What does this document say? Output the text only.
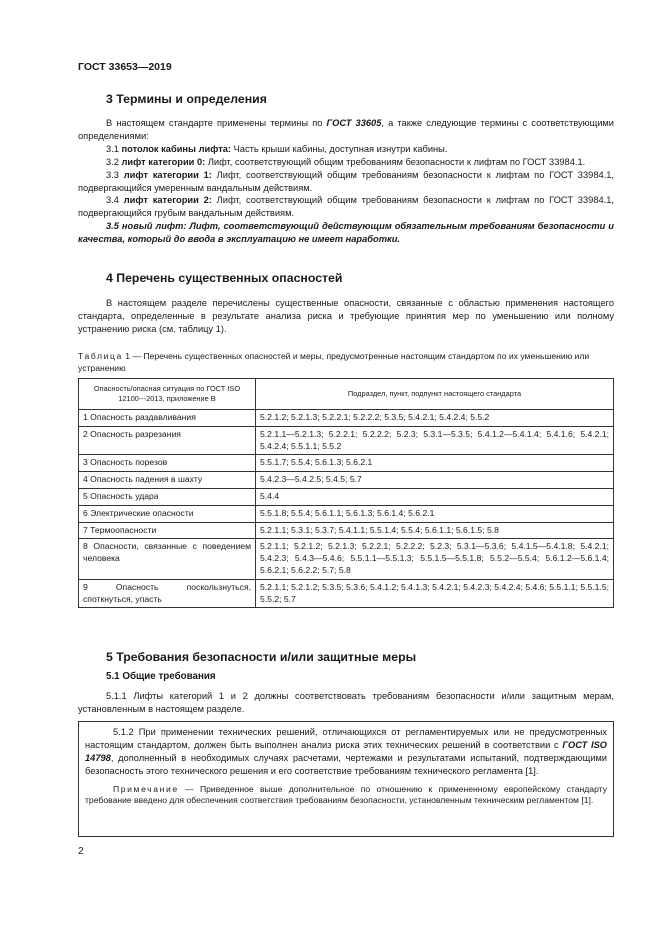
ГОСТ 33653—2019
3 Термины и определения

В настоящем стандарте применены термины по ГОСТ 33605, а также следующие термины с соответствующими определениями:

3.1 потолок кабины лифта: Часть крыши кабины, доступная изнутри кабины.

3.2 лифт категории 0: Лифт, соответствующий общим требованиям безопасности к лифтам по ГОСТ 33984.1.

3.3 лифт категории 1: Лифт, соответствующий общим требованиям безопасности к лифтам по ГОСТ 33984.1, подвергающийся умеренным вандальным действиям.

3.4 лифт категории 2: Лифт, соответствующий общим требованиям безопасности к лифтам по ГОСТ 33984.1, подвергающийся грубым вандальным действиям.

3.5 новый лифт: Лифт, соответствующий действующим обязательным требованиям безопасности и качества, который до ввода в эксплуатацию не имеет наработки.

4 Перечень существенных опасностей

В настоящем разделе перечислены существенные опасности, связанные с областью применения настоящего стандарта, определенные в результате анализа риска и требующие принятия мер по уменьшению или полному устранению риска (см. таблицу 1).

Таблица 1 — Перечень существенных опасностей и меры, предусмотренные настоящим стандартом по их уменьшению или устранению
Опасность/опасная ситуация по ГОСТ ISO 12100-‐-2013, приложение В	Подраздел, пункт, подпункт настоящего стандарта
1 Опасность раздавливания	5.2.1.2; 5.2.1.3; 5.2.2.1; 5.2.2.2; 5.3.5; 5.4.2.1; 5.4.2.4; 5.5.2
2 Опасность разрезания	5.2.1.1—5.2.1.3; 5.2.2.1; 5.2.2.2; 5.2.3; 5.3.1—5.3.5; 5.4.1.2—5.4.1.4; 5.4.1.6; 5.4.2.1; 5.4.2.4; 5.5.1.1; 5.5.2
3 Опасность порезов	5.5.1.7; 5.5.4; 5.6.1.3; 5.6.2.1
4 Опасность падения в шахту	5.4.2.3—5.4.2.5; 5.4.5; 5.7
5 Опасность удара	5.4.4
6 Электрические опасности	5.5.1.8; 5.5.4; 5.6.1.1; 5.6.1.3; 5.6.1.4; 5.6.2.1
7 Термоопасности	5.2.1.1; 5.3.1; 5.3.7; 5.4.1.1; 5.5.1.4; 5.5.4; 5.6.1.1; 5.6.1.5; 5.8
8 Опасности, связанные с поведением человека	5.2.1.1; 5.2.1.2; 5.2.1.3; 5.2.2.1; 5.2.2.2; 5.2.3; 5.3.1—5.3.6; 5.4.1.5—5.4.1.8; 5.4.2.1; 5.4.2.3; 5.4.3—5.4.6; 5.5.1.1—5.5.1.3; 5.5.1.5—5.5.1.8; 5.5.2—5.5.4; 5.6.1.2—5.6.1.4; 5.6.2.1; 5.6.2.2; 5.7; 5.8
9 Опасность поскользнуться, споткнуться, упасть	5.2.1.1; 5.2.1.2; 5.3.5; 5.3.6; 5.4.1.2; 5.4.1.3; 5.4.2.1; 5.4.2.3; 5.4.2.4; 5.4.6; 5.5.1.1; 5.5.1.5; 5.5.2; 5.7
5 Требования безопасности и/или защитные меры
5.1 Общие требования

5.1.1 Лифты категорий 1 и 2 должны соответствовать требованиям безопасности и/или защитным мерам, установленным в настоящем разделе.

5.1.2 При применении технических решений, отличающихся от регламентируемых или не предусмотренных настоящим стандартом, должен быть выполнен анализ риска этих технических решений в соответствии с ГОСТ ISO 14798, дополненный в необходимых случаях расчетами, чертежами и результатами испытаний, подтверждающими безопасность этого технического решения и его соответствие требованиям технического регламента [1].

Примечание — Приведенное выше дополнительное по отношению к примененному европейскому стандарту требование введено для обеспечения соответствия требованиям безопасности, установленным техническим регламентом [1].

2
